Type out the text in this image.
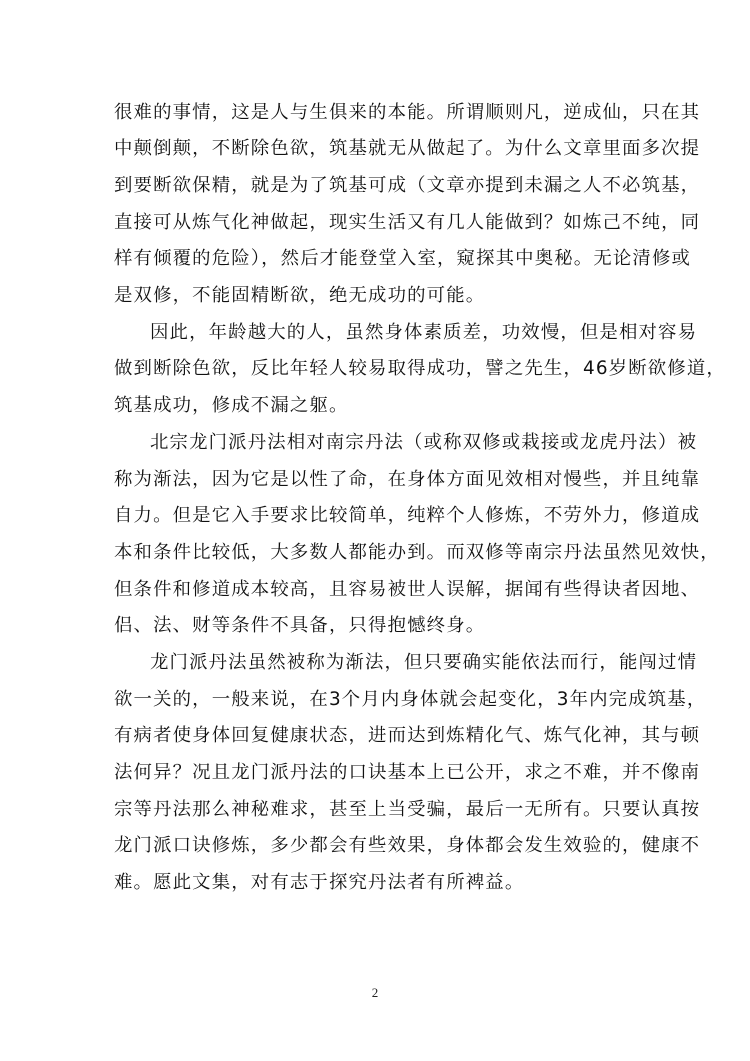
很难的事情，这是人与生俱来的本能。所谓顺则凡，逆成仙，只在其
中颠倒颠，不断除色欲，筑基就无从做起了。为什么文章里面多次提
到要断欲保精，就是为了筑基可成（文章亦提到未漏之人不必筑基，
直接可从炼气化神做起，现实生活又有几人能做到？如炼己不纯，同
样有倾覆的危险），然后才能登堂入室，窥探其中奥秘。无论清修或
是双修，不能固精断欲，绝无成功的可能。
因此，年龄越大的人，虽然身体素质差，功效慢，但是相对容易
做到断除色欲，反比年轻人较易取得成功，譬之先生，46岁断欲修道，
筑基成功，修成不漏之躯。
北宗龙门派丹法相对南宗丹法（或称双修或栽接或龙虎丹法）被
称为渐法，因为它是以性了命，在身体方面见效相对慢些，并且纯靠
自力。但是它入手要求比较简单，纯粹个人修炼，不劳外力，修道成
本和条件比较低，大多数人都能办到。而双修等南宗丹法虽然见效快，
但条件和修道成本较高，且容易被世人误解，据闻有些得诀者因地、
侣、法、财等条件不具备，只得抱憾终身。
龙门派丹法虽然被称为渐法，但只要确实能依法而行，能闯过情
欲一关的，一般来说，在3个月内身体就会起变化，3年内完成筑基，
有病者使身体回复健康状态，进而达到炼精化气、炼气化神，其与顿
法何异？况且龙门派丹法的口诀基本上已公开，求之不难，并不像南
宗等丹法那么神秘难求，甚至上当受骗，最后一无所有。只要认真按
龙门派口诀修炼，多少都会有些效果，身体都会发生效验的，健康不
难。愿此文集，对有志于探究丹法者有所裨益。
2
